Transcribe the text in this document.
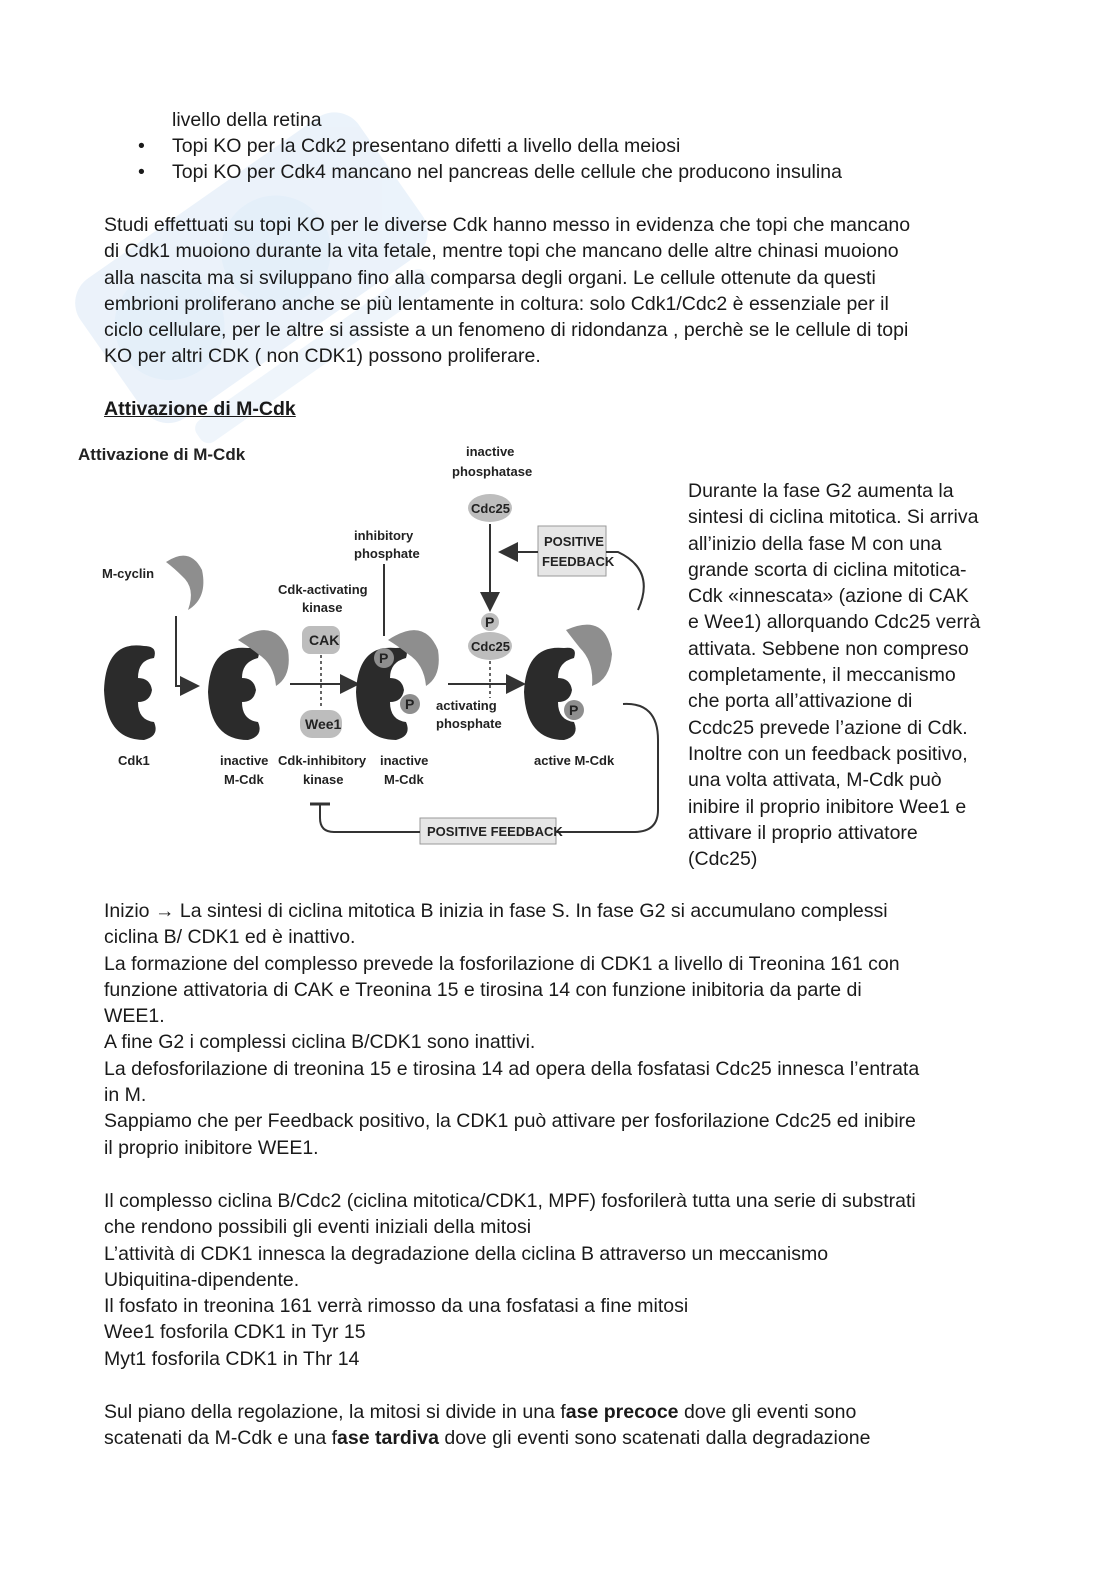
livello della retina
• Topi KO per la Cdk2 presentano difetti a livello della meiosi
• Topi KO per Cdk4 mancano nel pancreas delle cellule che producono insulina
Studi effettuati su topi KO per le diverse Cdk hanno messo in evidenza che topi che mancano
di Cdk1 muoiono durante la vita fetale, mentre topi che mancano delle altre chinasi muoiono
alla nascita ma si sviluppano fino alla comparsa degli organi. Le cellule ottenute da questi
embrioni proliferano anche se più lentamente in coltura: solo Cdk1/Cdc2 è essenziale per il
ciclo cellulare, per le altre si assiste a un fenomeno di ridondanza , perchè se le cellule di topi
KO per altri CDK ( non CDK1) possono proliferare.
Attivazione di M-Cdk
Attivazione di M-Cdk
M-cyclin
Cdk1	inactive M-Cdk
Cdk-activating
kinase
CAK
Wee1
Cdk-inhibitory
kinase
inhibitory
phosphate
P
P activating
phosphate
inactive
M-Cdk
inactive
phosphatase
Cdc25
P
Cdc25
POSITIVE
FEEDBACK
P
active M-Cdk
POSITIVE FEEDBACK
Durante la fase G2 aumenta la
sintesi di ciclina mitotica. Si arriva
all’inizio della fase M con una
grande scorta di ciclina mitotica-
Cdk «innescata» (azione di CAK
e Wee1) allorquando Cdc25 verrà
attivata. Sebbene non compreso
completamente, il meccanismo
che porta all’attivazione di
Ccdc25 prevede l’azione di Cdk.
Inoltre con un feedback positivo,
una volta attivata, M-Cdk può
inibire il proprio inibitore Wee1 e
attivare il proprio attivatore
(Cdc25)
Inizio → La sintesi di ciclina mitotica B inizia in fase S. In fase G2 si accumulano complessi
ciclina B/ CDK1 ed è inattivo.
La formazione del complesso prevede la fosforilazione di CDK1 a livello di Treonina 161 con
funzione attivatoria di CAK e Treonina 15 e tirosina 14 con funzione inibitoria da parte di
WEE1.
A fine G2 i complessi ciclina B/CDK1 sono inattivi.
La defosforilazione di treonina 15 e tirosina 14 ad opera della fosfatasi Cdc25 innesca l’entrata
in M.
Sappiamo che per Feedback positivo, la CDK1 può attivare per fosforilazione Cdc25 ed inibire
il proprio inibitore WEE1.
Il complesso ciclina B/Cdc2 (ciclina mitotica/CDK1, MPF) fosforilerà tutta una serie di substrati
che rendono possibili gli eventi iniziali della mitosi
L’attività di CDK1 innesca la degradazione della ciclina B attraverso un meccanismo
Ubiquitina-dipendente.
Il fosfato in treonina 161 verrà rimosso da una fosfatasi a fine mitosi
Wee1 fosforila CDK1 in Tyr 15
Myt1 fosforila CDK1 in Thr 14
Sul piano della regolazione, la mitosi si divide in una fase precoce dove gli eventi sono
scatenati da M-Cdk e una fase tardiva dove gli eventi sono scatenati dalla degradazione
